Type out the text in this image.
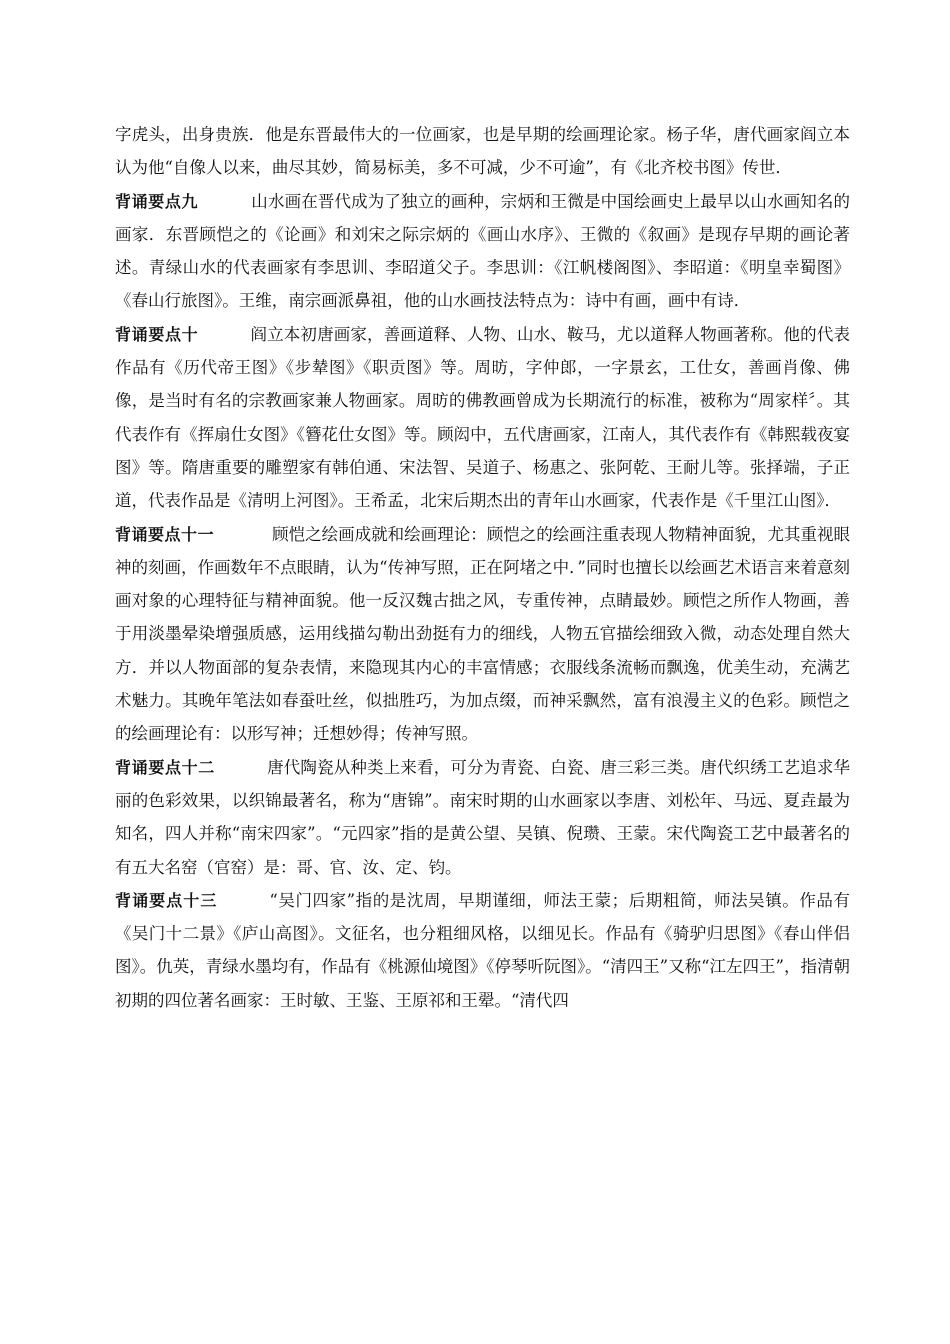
字虎头，出身贵族．他是东晋最伟大的一位画家，也是早期的绘画理论家。杨子华，唐代画家阎立本认为他“自像人以来，曲尽其妙，简易标美，多不可减，少不可逾”，有《北齐校书图》传世．

背诵要点九	山水画在晋代成为了独立的画种，宗炳和王微是中国绘画史上最早以山水画知名的画家．东晋顾恺之的《论画》和刘宋之际宗炳的《画山水序》、王微的《叙画》是现存早期的画论著述。青绿山水的代表画家有李思训、李昭道父子。李思训：《江帆楼阁图》、李昭道：《明皇幸蜀图》《春山行旅图》。王维，南宗画派鼻祖，他的山水画技法特点为：诗中有画，画中有诗．

背诵要点十	阎立本初唐画家，善画道释、人物、山水、鞍马，尤以道释人物画著称。他的代表作品有《历代帝王图》《步辇图》《职贡图》等。周昉，字仲郎，一字景玄，工仕女，善画肖像、佛像，是当时有名的宗教画家兼人物画家。周昉的佛教画曾成为长期流行的标准，被称为“周家样〞。其代表作有《挥扇仕女图》《簪花仕女图》等。顾闳中，五代唐画家，江南人，其代表作有《韩熙载夜宴图》等。隋唐重要的雕塑家有韩伯通、宋法智、吴道子、杨惠之、张阿乾、王耐儿等。张择端，子正道，代表作品是《清明上河图》。王希孟，北宋后期杰出的青年山水画家，代表作是《千里江山图》．

背诵要点十一	顾恺之绘画成就和绘画理论：顾恺之的绘画注重表现人物精神面貌，尤其重视眼神的刻画，作画数年不点眼睛，认为“传神写照，正在阿堵之中．”同时也擅长以绘画艺术语言来着意刻画对象的心理特征与精神面貌。他一反汉魏古拙之风，专重传神，点睛最妙。顾恺之所作人物画，善于用淡墨晕染增强质感，运用线描勾勒出劲挺有力的细线，人物五官描绘细致入微，动态处理自然大方．并以人物面部的复杂表情，来隐现其内心的丰富情感；衣服线条流畅而飘逸，优美生动，充满艺术魅力。其晚年笔法如春蚕吐丝，似拙胜巧，为加点缀，而神采飘然，富有浪漫主义的色彩。顾恺之的绘画理论有：以形写神；迁想妙得；传神写照。

背诵要点十二	唐代陶瓷从种类上来看，可分为青瓷、白瓷、唐三彩三类。唐代织绣工艺追求华丽的色彩效果，以织锦最著名，称为“唐锦”。南宋时期的山水画家以李唐、刘松年、马远、夏垚最为知名，四人并称“南宋四家”。“元四家”指的是黄公望、吴镇、倪瓒、王蒙。宋代陶瓷工艺中最著名的有五大名窑（官窑）是：哥、官、汝、定、钧。

背诵要点十三	“吴门四家”指的是沈周，早期谨细，师法王蒙；后期粗简，师法吴镇。作品有《吴门十二景》《庐山高图》。文征名，也分粗细风格，以细见长。作品有《骑驴归思图》《春山伴侣图》。仇英，青绿水墨均有，作品有《桃源仙境图》《停琴听阮图》。“清四王”又称“江左四王”，指清朝初期的四位著名画家：王时敏、王鉴、王原祁和王翚。“清代四
